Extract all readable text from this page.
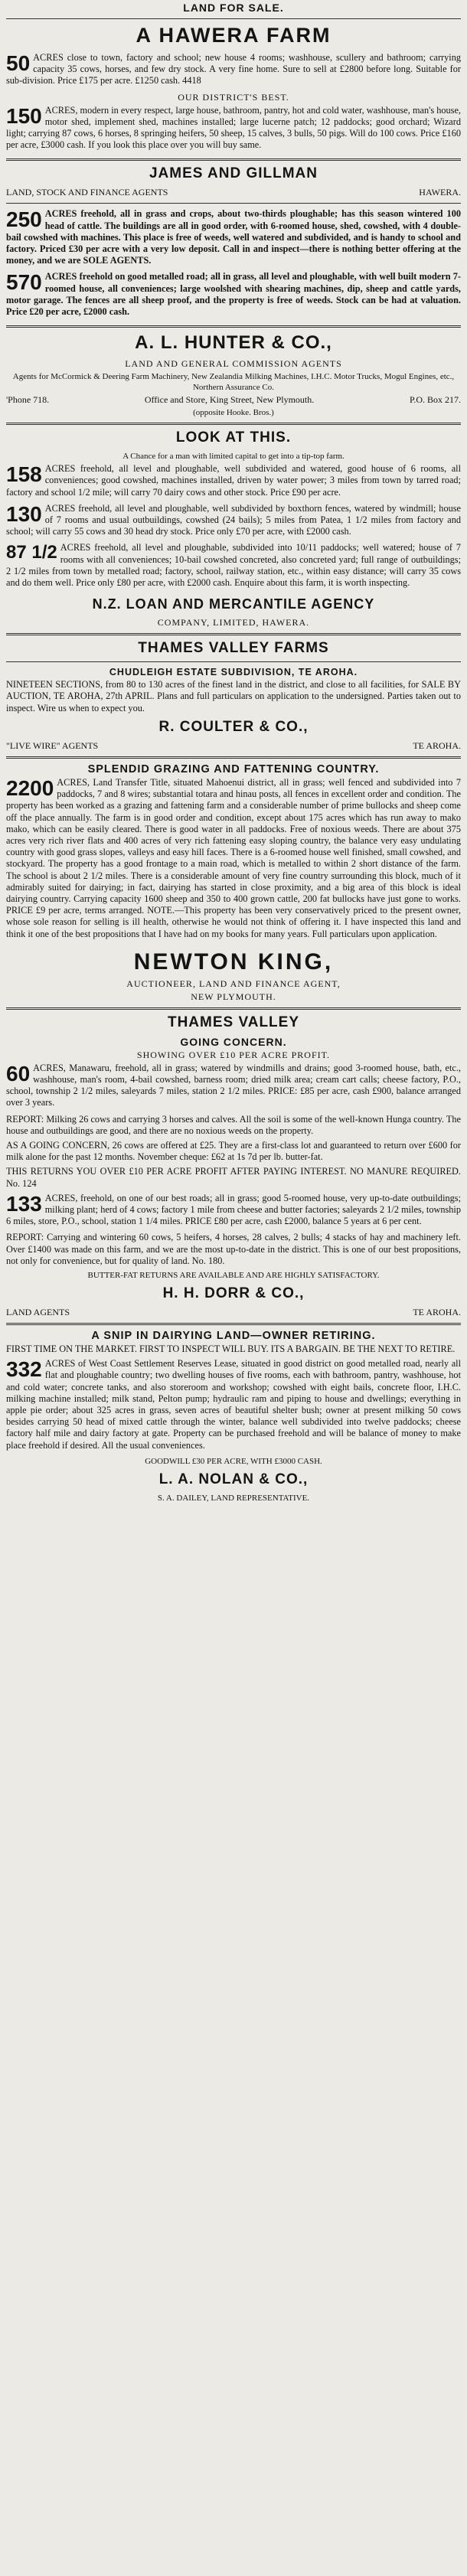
LAND FOR SALE.
A HAWERA FARM
50 ACRES close to town, factory and school; new house 4 rooms; washhouse, scullery and bathroom; carrying capacity 35 cows, horses, and few dry stock. A very fine home. Sure to sell at £2800 before long. Suitable for sub-division. Price £175 per acre. £1250 cash. 4418
OUR DISTRICT'S BEST.
150 ACRES, modern in every respect, large house, bathroom, pantry, hot and cold water, washhouse, man's house, motor shed, implement shed, machines installed; large lucerne patch; 12 paddocks; good orchard; Wizard light; carrying 87 cows, 6 horses, 8 springing heifers, 50 sheep, 15 calves, 3 bulls, 50 pigs. Will do 100 cows. Price £160 per acre, £3000 cash. If you look this place over you will buy same.
JAMES AND GILLMAN
LAND, STOCK AND FINANCE AGENTS	HAWERA.
250 ACRES freehold, all in grass and crops, about two-thirds ploughable; has this season wintered 100 head of cattle. The buildings are all in good order, with 6-roomed house, shed, cowshed, with 4 double-bail cowshed with machines. This place is free of weeds, well watered and subdivided, and is handy to school and factory. Priced £30 per acre with a very low deposit. Call in and inspect—there is nothing better offering at the money, and we are SOLE AGENTS.
570 ACRES freehold on good metalled road; all in grass, all level and ploughable, with well built modern 7-roomed house, all conveniences; large woolshed with shearing machines, dip, sheep and cattle yards, motor garage. The fences are all sheep proof, and the property is free of weeds. Stock can be had at valuation. Price £20 per acre, £2000 cash.
A. L. HUNTER & CO.,
LAND AND GENERAL COMMISSION AGENTS
Agents for McCormick & Deering Farm Machinery, New Zealandia Milking Machines, I.H.C. Motor Trucks, Mogul Engines, etc., Northern Assurance Co.
'Phone 718.	Office and Store, King Street, New Plymouth.	P.O. Box 217.
(opposite Hooke. Bros.)
LOOK AT THIS.
A Chance for a man with limited capital to get into a tip-top farm.
158 ACRES freehold, all level and ploughable, well subdivided and watered, good house of 6 rooms, all conveniences; good cowshed, machines installed, driven by water power; 3 miles from town by tarred road; factory and school 1/2 mile; will carry 70 dairy cows and other stock. Price £90 per acre.
130 ACRES freehold, all level and ploughable, well subdivided by boxthorn fences, watered by windmill; house of 7 rooms and usual outbuildings, cowshed (24 bails); 5 miles from Patea, 1 1/2 miles from factory and school; will carry 55 cows and 30 head dry stock. Price only £70 per acre, with £2000 cash.
87 1/2 ACRES freehold, all level and ploughable, subdivided into 10/11 paddocks; well watered; house of 7 rooms with all conveniences; 10-bail cowshed concreted, also concreted yard; full range of outbuildings; 2 1/2 miles from town by metalled road; factory, school, railway station, etc., within easy distance; will carry 35 cows and do them well. Price only £80 per acre, with £2000 cash. Enquire about this farm, it is worth inspecting.
N.Z. LOAN AND MERCANTILE AGENCY
COMPANY, LIMITED, HAWERA.
THAMES VALLEY FARMS
CHUDLEIGH ESTATE SUBDIVISION, TE AROHA.
NINETEEN SECTIONS, from 80 to 130 acres of the finest land in the district, and close to all facilities, for SALE BY AUCTION, TE AROHA, 27th APRIL. Plans and full particulars on application to the undersigned. Parties taken out to inspect. Wire us when to expect you.
R. COULTER & CO.,
"LIVE WIRE" AGENTS	TE AROHA.
SPLENDID GRAZING AND FATTENING COUNTRY.
2200 ACRES, Land Transfer Title, situated Mahoenui district, all in grass; well fenced and subdivided into 7 paddocks, 7 and 8 wires; substantial totara and hinau posts, all fences in excellent order and condition. The property has been worked as a grazing and fattening farm and a considerable number of prime bullocks and sheep come off the place annually. The farm is in good order and condition, except about 175 acres which has run away to mako mako, which can be easily cleared. There is good water in all paddocks. Free of noxious weeds. There are about 375 acres very rich river flats and 400 acres of very rich fattening easy sloping country, the balance very easy undulating country with good grass slopes, valleys and easy hill faces. There is a 6-roomed house well finished, small cowshed, and stockyard. The property has a good frontage to a main road, which is metalled to within 2 short distance of the farm. The school is about 2 1/2 miles. There is a considerable amount of very fine country surrounding this block, much of it admirably suited for dairying; in fact, dairying has started in close proximity, and a big area of this block is ideal dairying country. Carrying capacity 1600 sheep and 350 to 400 grown cattle, 200 fat bullocks have just gone to works. PRICE £9 per acre, terms arranged. NOTE.—This property has been very conservatively priced to the present owner, whose sole reason for selling is ill health, otherwise he would not think of offering it. I have inspected this land and think it one of the best propositions that I have had on my books for many years. Full particulars upon application.
NEWTON KING,
AUCTIONEER, LAND AND FINANCE AGENT,
NEW PLYMOUTH.
THAMES VALLEY
GOING CONCERN.
SHOWING OVER £10 PER ACRE PROFIT.
60 ACRES, Manawaru, freehold, all in grass; watered by windmills and drains; good 3-roomed house, bath, etc., washhouse, man's room, 4-bail cowshed, barness room; dried milk area; cream cart calls; cheese factory, P.O., school, township 2 1/2 miles, saleyards 7 miles, station 2 1/2 miles. PRICE: £85 per acre, cash £900, balance arranged over 3 years.
REPORT: Milking 26 cows and carrying 3 horses and calves. All the soil is some of the well-known Hunga country. The house and outbuildings are good, and there are no noxious weeds on the property.
AS A GOING CONCERN, 26 cows are offered at £25. They are a first-class lot and guaranteed to return over £600 for milk alone for the past 12 months. November cheque: £62 at 1s 7d per lb. butter-fat.
THIS RETURNS YOU OVER £10 PER ACRE PROFIT AFTER PAYING INTEREST. NO MANURE REQUIRED. No. 124
133 ACRES, freehold, on one of our best roads; all in grass; good 5-roomed house, very up-to-date outbuildings; milking plant; herd of 4 cows; factory 1 mile from cheese and butter factories; saleyards 2 1/2 miles, township 6 miles, store, P.O., school, station 1 1/4 miles. PRICE £80 per acre, cash £2000, balance 5 years at 6 per cent.
REPORT: Carrying and wintering 60 cows, 5 heifers, 4 horses, 28 calves, 2 bulls; 4 stacks of hay and machinery left. Over £1400 was made on this farm, and we are the most up-to-date in the district. This is one of our best propositions, not only for convenience, but for quality of land. No. 180.
BUTTER-FAT RETURNS ARE AVAILABLE AND ARE HIGHLY SATISFACTORY.
H. H. DORR & CO.,
LAND AGENTS	TE AROHA.
A SNIP IN DAIRYING LAND—OWNER RETIRING.
FIRST TIME ON THE MARKET. FIRST TO INSPECT WILL BUY. ITS A BARGAIN. BE THE NEXT TO RETIRE.
332 ACRES of West Coast Settlement Reserves Lease, situated in good district on good metalled road, nearly all flat and ploughable country; two dwelling houses of five rooms, each with bathroom, pantry, washhouse, hot and cold water; concrete tanks, and also storeroom and workshop; cowshed with eight bails, concrete floor, I.H.C. milking machine installed; milk stand, Pelton pump; hydraulic ram and piping to house and dwellings; everything in apple pie order; about 325 acres in grass, seven acres of beautiful shelter bush; owner at present milking 50 cows besides carrying 50 head of mixed cattle through the winter, balance well subdivided into twelve paddocks; cheese factory half mile and dairy factory at gate. Property can be purchased freehold and will be balance of money to make place freehold if desired. All the usual conveniences.
GOODWILL £30 PER ACRE, WITH £3000 CASH.
L. A. NOLAN & CO.,
S. A. DAILEY, LAND REPRESENTATIVE.
